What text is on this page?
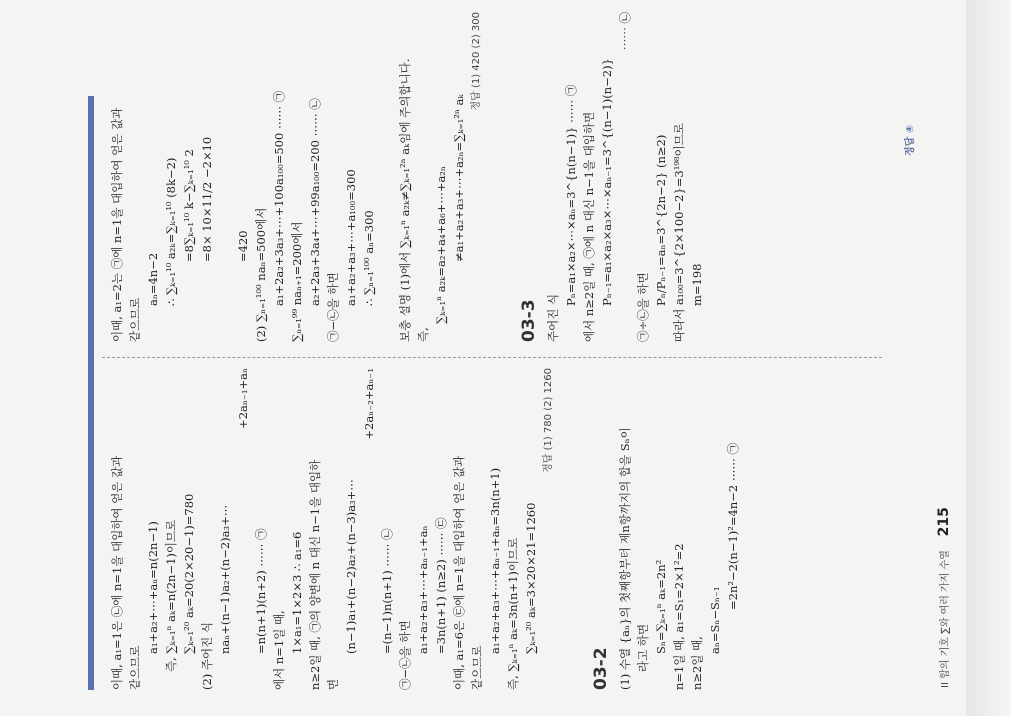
이때, a₁=1은 ㉡에 n=1을 대입하여 얻은 값과 같으므로
a₁+a₂+⋯+aₙ=n(2n−1) 즉, ∑ₖ₌₁ⁿ aₖ=n(2n−1)이므로 ∑ₖ₌₁²⁰ aₖ=20(2×20−1)=780
(2) 주어진 식
naₙ+(n−1)a₂+(n−2)a₃+⋯
+2aₙ₋₁+aₙ
=n(n+1)(n+2) ⋯⋯ ㉠ 에서 n=1일 때, 1×a₁=1×2×3 ∴ a₁=6 n≥2일 때, ㉠의 양변에 n 대신 n−1을 대입하 면
(n−1)a₁+(n−2)a₂+(n−3)a₃+⋯
+2aₙ₋₂+aₙ₋₁
=(n−1)n(n+1) ⋯⋯ ㉡
㉠−㉡을 하면
a₁+a₂+a₃+⋯+aₙ₋₁+aₙ =3n(n+1) (n≥2) ⋯⋯ ㉢ 이때, a₁=6은 ㉢에 n=1을 대입하여 얻은 값과 같으므로
a₁+a₂+a₃+⋯+aₙ₋₁+aₙ=3n(n+1) 즉, ∑ₖ₌₁ⁿ aₖ=3n(n+1)이므로 ∑ₖ₌₁²⁰ aₖ=3×20×21=1260
정답 (1) 780 (2) 1260
03-2 (1) 수열 {aₙ}의 첫째항부터 제n항까지의 합을 Sₙ이 라고 하면 Sₙ=∑ₖ₌₁ⁿ aₖ=2n² n=1일 때, a₁=S₁=2×1²=2 n≥2일 때,
aₙ=Sₙ−Sₙ₋₁
=2n²−2(n−1)²=4n−2 ⋯⋯ ㉠
이때, a₁=2는 ㉠에 n=1을 대입하여 얻은 값과 같으므로
aₙ=4n−2 ∴ ∑ₖ₌₁¹⁰ a₂ₖ=∑ₖ₌₁¹⁰ (8k−2) =8∑ₖ₌₁¹⁰ k−∑ₖ₌₁¹⁰ 2 =8× 10×11/2 −2×10 =420 (2) ∑ₙ₌₁¹⁰⁰ naₙ=500에서 a₁+2a₂+3a₃+⋯+100a₁₀₀=500 ⋯⋯ ㉠ ∑ₙ₌₁⁹⁹ naₙ₊₁=200에서 a₂+2a₃+3a₄+⋯+99a₁₀₀=200 ⋯⋯ ㉡
㉠−㉡을 하면
a₁+a₂+a₃+⋯+a₁₀₀=300 ∴ ∑ₙ₌₁¹⁰⁰ aₙ=300 보충 설명 (1)에서 ∑ₖ₌₁ⁿ a₂ₖ≠∑ₖ₌₁²ⁿ aₖ임에 주의합니다. 즉,
∑ₖ₌₁ⁿ a₂ₖ=a₂+a₄+a₆+⋯+a₂ₙ ≠a₁+a₂+a₃+⋯+a₂ₙ=∑ₖ₌₁²ⁿ aₖ
정답 (1) 420 (2) 300
03-3 주어진 식
Pₙ=a₁×a₂×⋯×aₙ=3^{n(n−1)} ⋯⋯ ㉠ 에서 n≥2일 때, ㉠에 n 대신 n−1을 대입하면 Pₙ₋₁=a₁×a₂×a₃×⋯×aₙ₋₁=3^{(n−1)(n−2)}
⋯⋯ ㉡
㉠÷㉡을 하면
Pₙ/Pₙ₋₁=aₙ=3^{2n−2} (n≥2) 따라서 a₁₀₀=3^{2×100−2}=3¹⁹⁸이므로 m=198
II 합의 기호 ∑와 여러 가지 수열 215
정답 ④
